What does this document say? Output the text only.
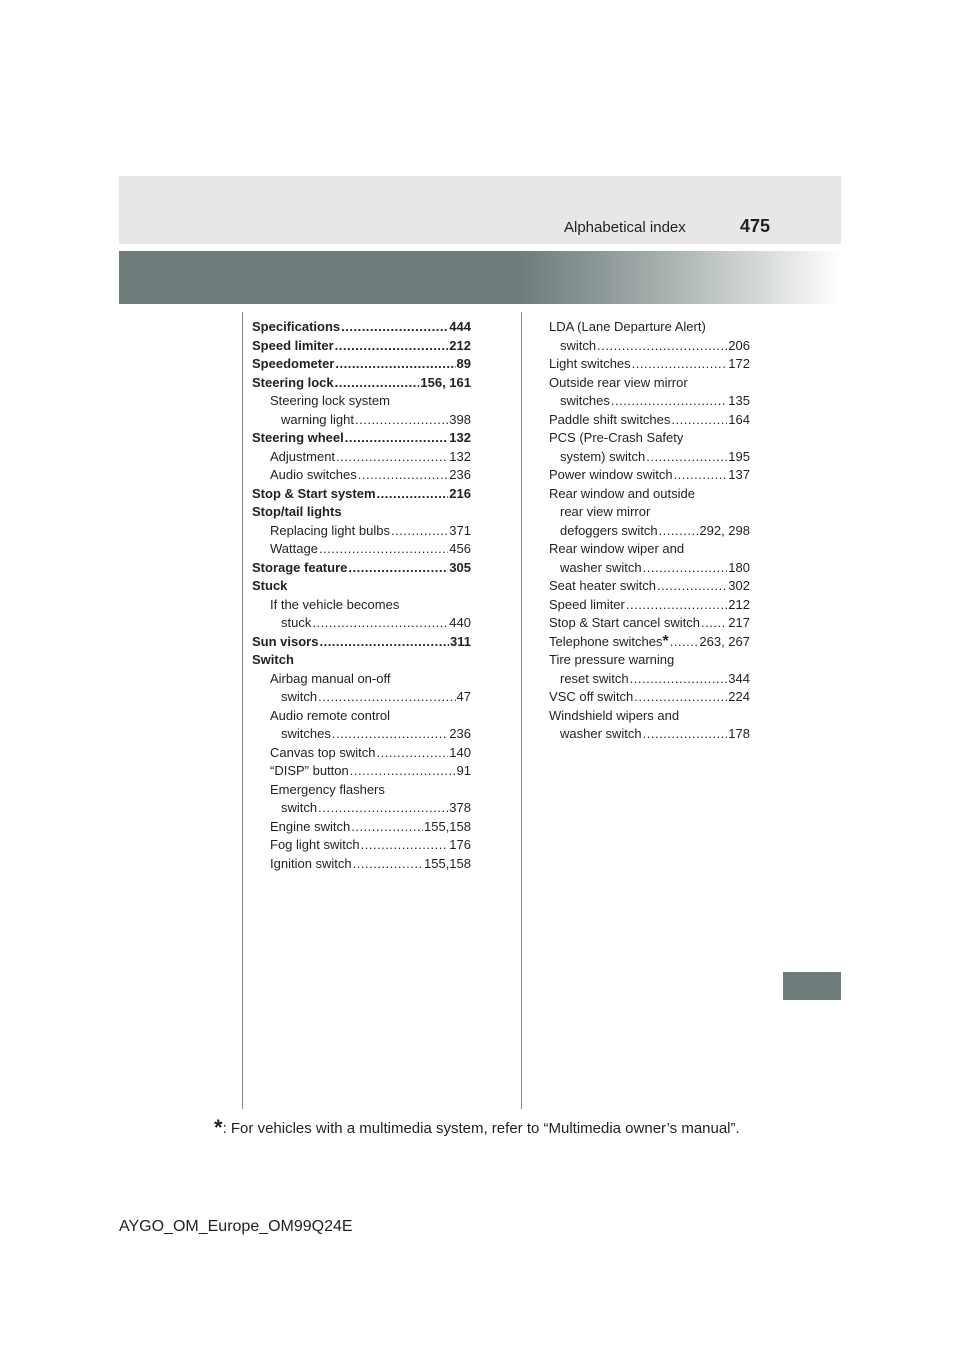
Alphabetical index	475
Specifications .....	444
Speed limiter .....	212
Speedometer .....	89
Steering lock .....	156, 161
Steering lock system
warning light .....	398
Steering wheel .....	132
Adjustment .....	132
Audio switches .....	236
Stop & Start system .....	216
Stop/tail lights
Replacing light bulbs .....	371
Wattage .....	456
Storage feature .....	305
Stuck
If the vehicle becomes
stuck .....	440
Sun visors .....	311
Switch
Airbag manual on-off
switch .....	47
Audio remote control
switches .....	236
Canvas top switch .....	140
“DISP” button .....	91
Emergency flashers
switch .....	378
Engine switch .....	155,158
Fog light switch .....	176
Ignition switch .....	155,158
LDA (Lane Departure Alert)
switch .....	206
Light switches .....	172
Outside rear view mirror
switches .....	135
Paddle shift switches .....	164
PCS (Pre-Crash Safety
system) switch .....	195
Power window switch .....	137
Rear window and outside
rear view mirror
defoggers switch .....	292, 298
Rear window wiper and
washer switch .....	180
Seat heater switch .....	302
Speed limiter .....	212
Stop & Start cancel switch ..... 217
Telephone switches * ..... 263, 267
Tire pressure warning
reset switch .....	344
VSC off switch .....	224
Windshield wipers and
washer switch .....	178
*: For vehicles with a multimedia system, refer to “Multimedia owner’s manual”.
AYGO_OM_Europe_OM99Q24E
